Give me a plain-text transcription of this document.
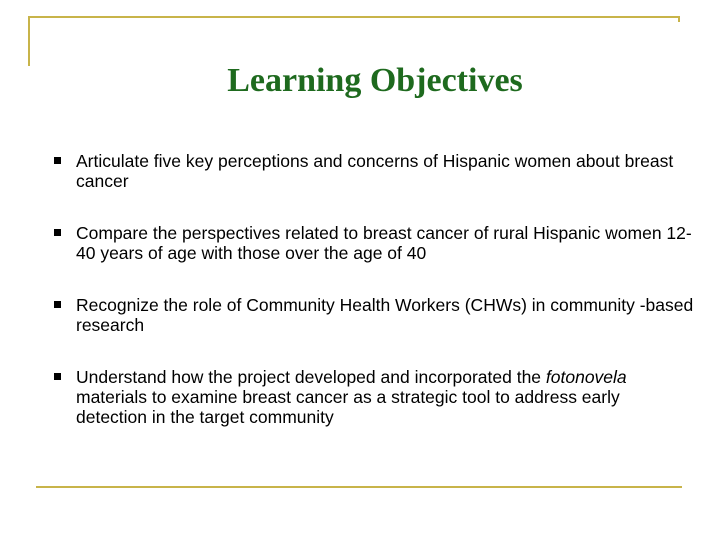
Learning Objectives
Articulate five key perceptions and concerns of Hispanic women about breast cancer
Compare the perspectives related to breast cancer of rural Hispanic women 12-40 years of age with those over the age of 40
Recognize the role of Community Health Workers (CHWs) in community -based research
Understand how the project developed and incorporated the fotonovela materials to examine breast cancer as a strategic tool to address early detection in the target community
